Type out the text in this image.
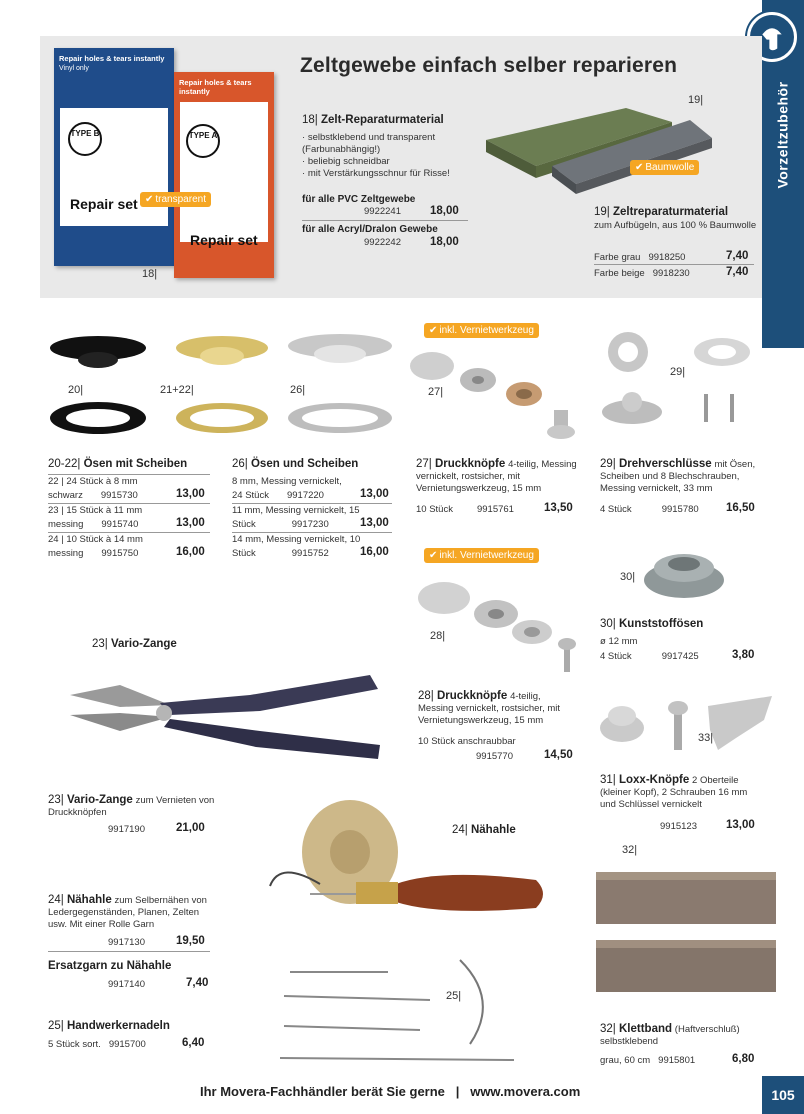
Vorzeltzubehör
Zeltgewebe einfach selber reparieren
Repair holes & tears instantly
Vinyl only
TYPE B
Repair set
Repair holes & tears instantly
TYPE A
Repair set
✔ transparent
18|
18| Zelt-Reparaturmaterial
· selbstklebend und transparent (Farbunabhängig!)
· beliebig schneidbar
· mit Verstärkungsschnur für Risse!
für alle PVC Zeltgewebe
9922241	18,00
für alle Acryl/Dralon Gewebe
9922242	18,00
19|
✔ Baumwolle
19| Zeltreparaturmaterial
zum Aufbügeln, aus 100 % Baumwolle
Farbe grau 9918250	7,40
Farbe beige 9918230	7,40
20|	21+22|	26|
✔ inkl. Vernietwerkzeug
27|
29|
20-22| Ösen mit Scheiben
22 | 24 Stück à 8 mm
schwarz 9915730	13,00
23 | 15 Stück à 11 mm
messing 9915740	13,00
24 | 10 Stück à 14 mm
messing 9915750	16,00
26| Ösen und Scheiben
8 mm, Messing vernickelt,
24 Stück 9917220	13,00
11 mm, Messing vernickelt, 15
Stück	9917230	13,00
14 mm, Messing vernickelt, 10
Stück	9915752	16,00
27| Druckknöpfe 4-teilig, Messing vernickelt, rostsicher, mit Vernietungswerkzeug, 15 mm
10 Stück	9915761	13,50
29| Drehverschlüsse mit Ösen, Scheiben und 8 Blechschrauben, Messing vernickelt, 33 mm
4 Stück	9915780 16,50
✔ inkl. Vernietwerkzeug
28|
30|
30| Kunststoffösen
ø 12 mm
4 Stück	9917425	3,80
23| Vario-Zange
23| Vario-Zange zum Vernieten von Druckknöpfen
9917190	21,00
28| Druckknöpfe 4-teilig, Messing vernickelt, rostsicher, mit Vernietungswerkzeug, 15 mm
10 Stück anschraubbar
9915770	14,50
33|
31| Loxx-Knöpfe 2 Oberteile (kleiner Kopf), 2 Schrauben 16 mm und Schlüssel vernickelt
9915123	13,00
24| Nähahle
24| Nähahle zum Selbernähen von Ledergegenständen, Planen, Zelten usw. Mit einer Rolle Garn
9917130	19,50
Ersatzgarn zu Nähahle
9917140	7,40
25|
25| Handwerkernadeln
5 Stück sort. 9915700	6,40
32|
32| Klettband (Haftverschluß)
selbstklebend
grau, 60 cm 9915801	6,80
Ihr Movera-Fachhändler berät Sie gerne   |   www.movera.com	105
